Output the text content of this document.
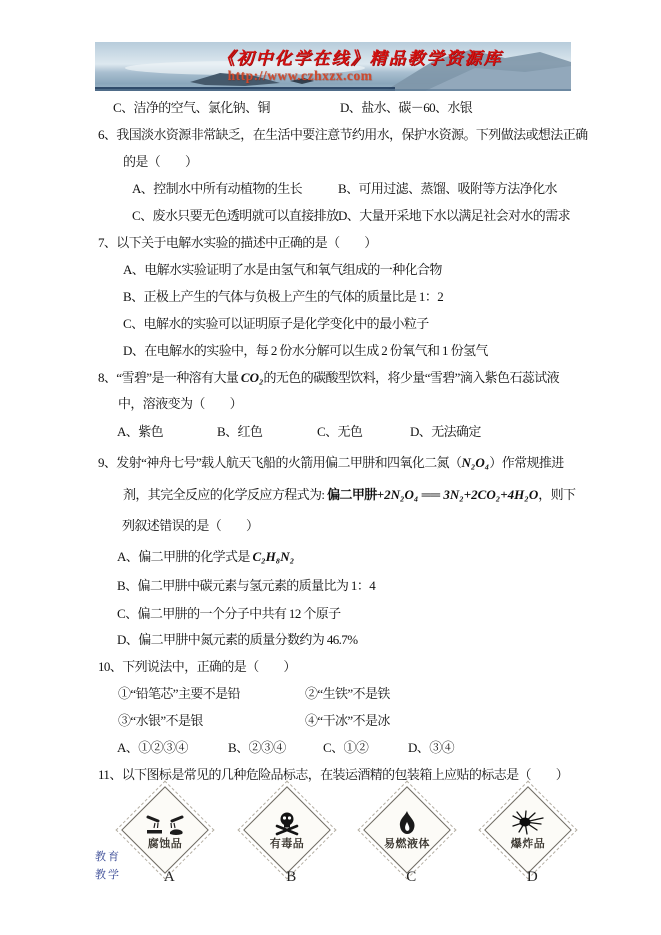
《初中化学在线》精品教学资源库
http://www.czhxzx.com
C、洁净的空气、氯化钠、铜	D、盐水、碳－60、水银
6、我国淡水资源非常缺乏，在生活中要注意节约用水，保护水资源。下列做法或想法正确
的是（　　）
A、控制水中所有动植物的生长	B、可用过滤、蒸馏、吸附等方法净化水
C、废水只要无色透明就可以直接排放 D、大量开采地下水以满足社会对水的需求
7、以下关于电解水实验的描述中正确的是（　　）
A、电解水实验证明了水是由氢气和氧气组成的一种化合物
B、正极上产生的气体与负极上产生的气体的质量比是 1：2
C、电解水的实验可以证明原子是化学变化中的最小粒子
D、在电解水的实验中，每 2 份水分解可以生成 2 份氧气和 1 份氢气
8、“雪碧”是一种溶有大量 CO₂的无色的碳酸型饮料，将少量“雪碧”滴入紫色石蕊试液
中，溶液变为（　　）
A、紫色	B、红色	C、无色	D、无法确定
9、发射“神舟七号”载人航天飞船的火箭用偏二甲肼和四氧化二氮（N₂O₄）作常规推进
剂，其完全反应的化学反应方程式为: 偏二甲肼+2N₂O₄ ══ 3N₂+2CO₂+4H₂O，则下
列叙述错误的是（　　）
A、偏二甲肼的化学式是 C₂H₈N₂
B、偏二甲肼中碳元素与氢元素的质量比为 1：4
C、偏二甲肼的一个分子中共有 12 个原子
D、偏二甲肼中氮元素的质量分数约为 46.7%
10、下列说法中，正确的是（　　）
①“铅笔芯”主要不是铅	②“生铁”不是铁
③“水银”不是银	④“干冰”不是冰
A、①②③④	B、②③④	C、①②	D、③④
11、以下图标是常见的几种危险品标志，在装运酒精的包装箱上应贴的标志是（　　）
腐蚀品
A
有毒品
B
易燃液体
C
爆炸品
D
教育
教学
